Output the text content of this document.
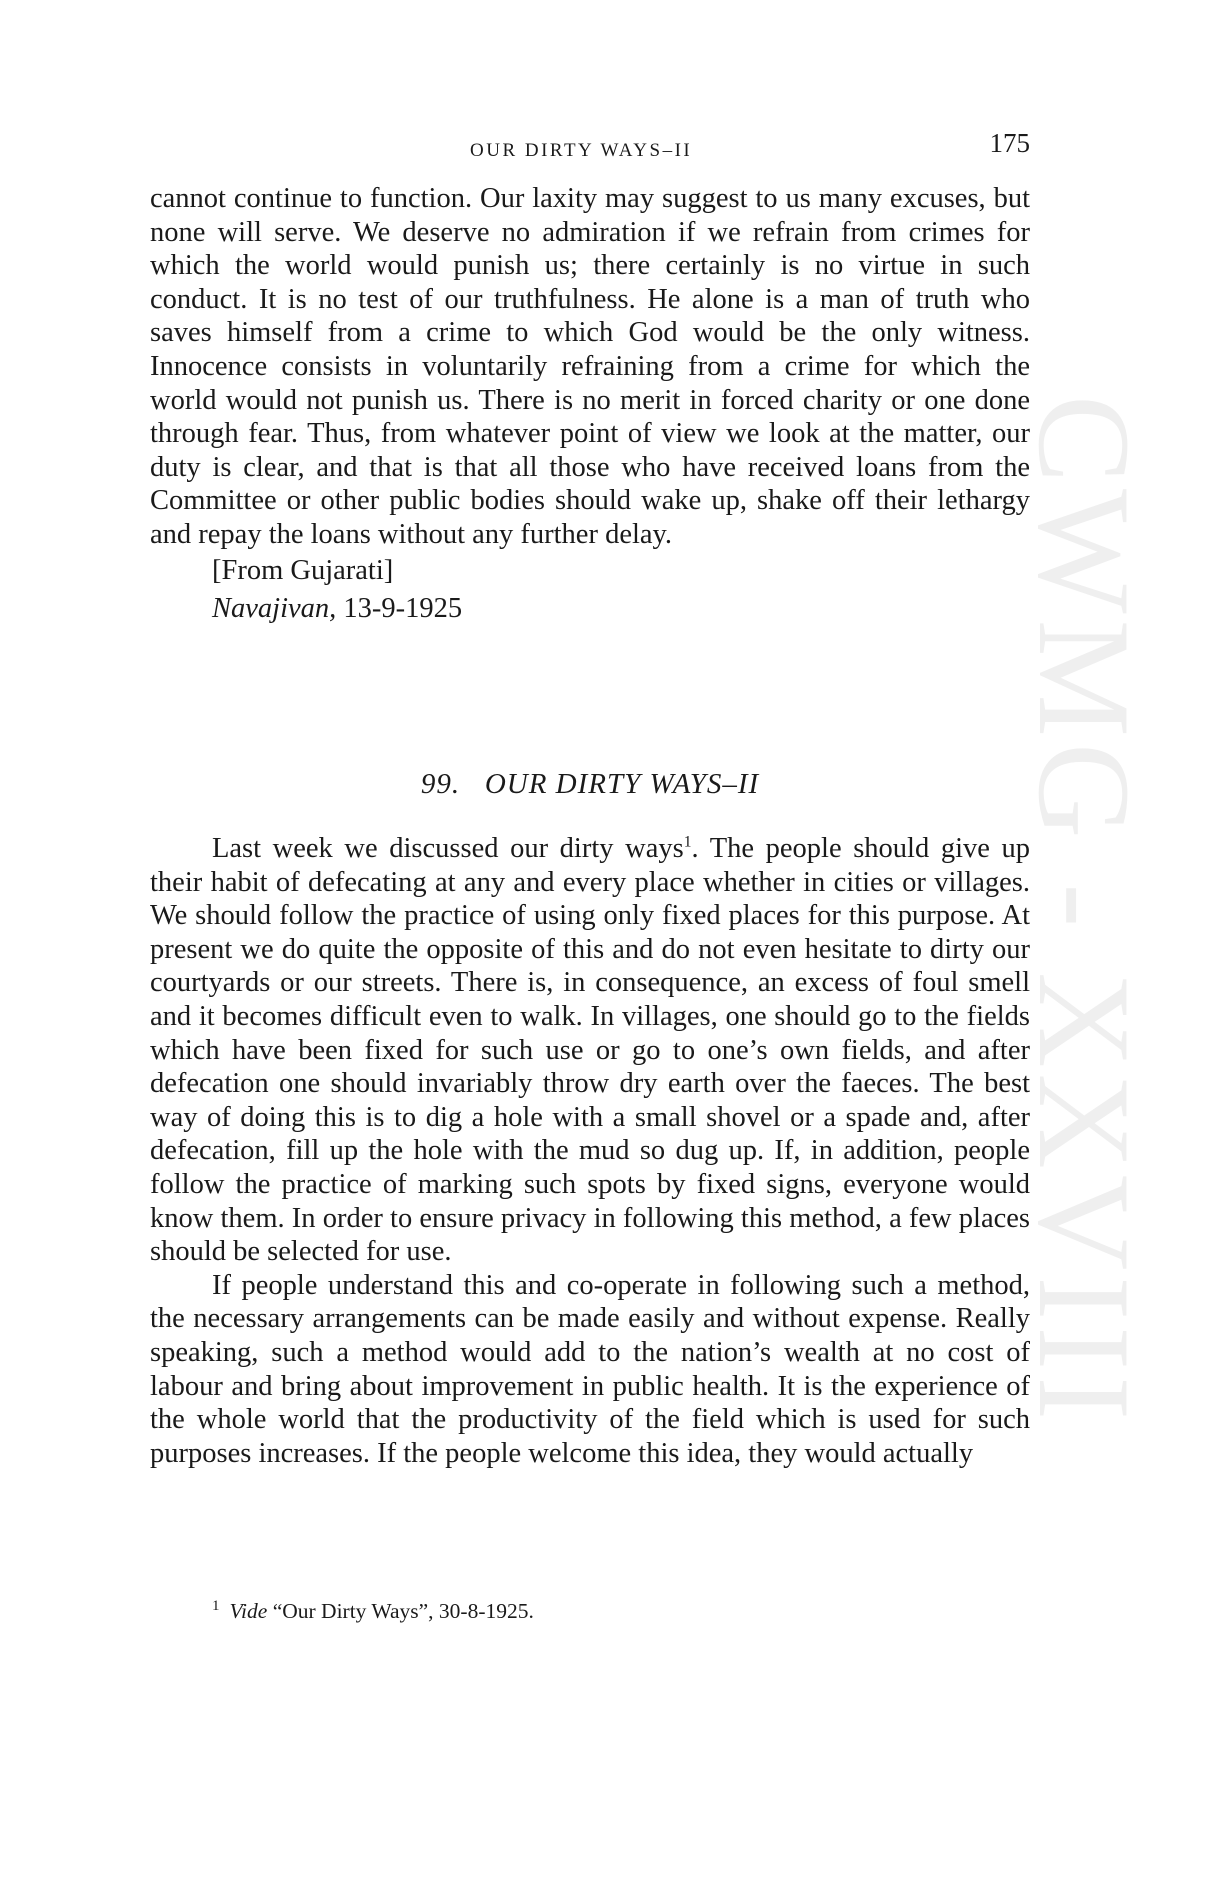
CWMG - XXVIII
OUR DIRTY WAYS–II	175

cannot continue to function. Our laxity may suggest to us many excuses, but none will serve. We deserve no admiration if we refrain from crimes for which the world would punish us; there certainly is no virtue in such conduct. It is no test of our truthfulness. He alone is a man of truth who saves himself from a crime to which God would be the only witness. Innocence consists in voluntarily refraining from a crime for which the world would not punish us. There is no merit in forced charity or one done through fear. Thus, from whatever point of view we look at the matter, our duty is clear, and that is that all those who have received loans from the Committee or other public bodies should wake up, shake off their lethargy and repay the loans without any further delay.

[From Gujarati]

Navajivan, 13-9-1925

99. OUR DIRTY WAYS–II

Last week we discussed our dirty ways$^1$. The people should give up their habit of defecating at any and every place whether in cities or villages. We should follow the practice of using only fixed places for this purpose. At present we do quite the opposite of this and do not even hesitate to dirty our courtyards or our streets. There is, in consequence, an excess of foul smell and it becomes difficult even to walk. In villages, one should go to the fields which have been fixed for such use or go to one’s own fields, and after defecation one should invariably throw dry earth over the faeces. The best way of doing this is to dig a hole with a small shovel or a spade and, after defecation, fill up the hole with the mud so dug up. If, in addition, people follow the practice of marking such spots by fixed signs, everyone would know them. In order to ensure privacy in following this method, a few places should be selected for use.

If people understand this and co-operate in following such a method, the necessary arrangements can be made easily and without expense. Really speaking, such a method would add to the nation’s wealth at no cost of labour and bring about improvement in public health. It is the experience of the whole world that the productivity of the field which is used for such purposes increases. If the people welcome this idea, they would actually

$^1$ Vide “Our Dirty Ways”, 30-8-1925.
